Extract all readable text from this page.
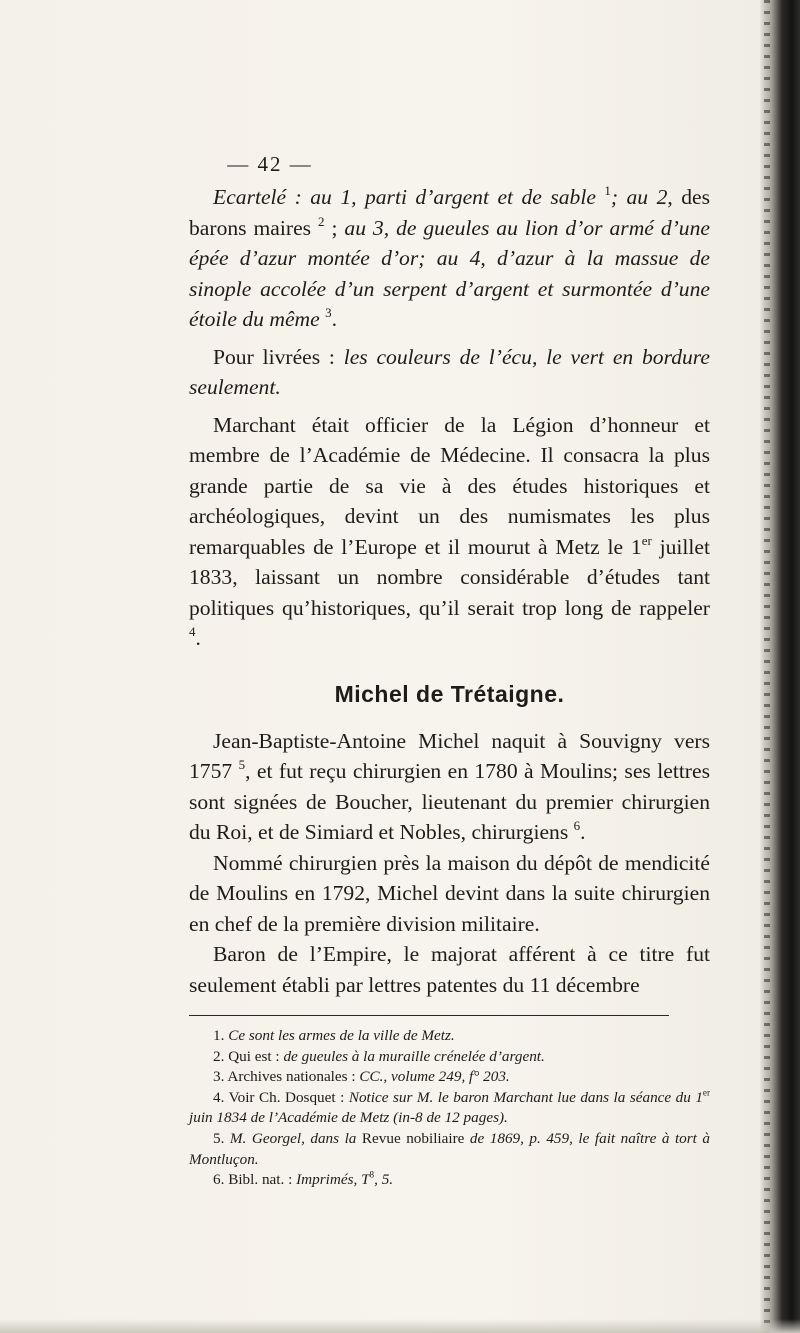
— 42 —

Ecartelé : au 1, parti d’argent et de sable $^1$; au 2, des barons maires $^2$ ; au 3, de gueules au lion d’or armé d’une épée d’azur montée d’or; au 4, d’azur à la massue de sinople accolée d’un serpent d’argent et surmontée d’une étoile du même $^3$.

Pour livrées : les couleurs de l’écu, le vert en bordure seulement.

Marchant était officier de la Légion d’honneur et membre de l’Académie de Médecine. Il consacra la plus grande partie de sa vie à des études historiques et archéologiques, devint un des numismates les plus remarquables de l’Europe et il mourut à Metz le 1er juillet 1833, laissant un nombre considérable d’études tant politiques qu’historiques, qu’il serait trop long de rappeler $^4$.

Michel de Trétaigne.

Jean-Baptiste-Antoine Michel naquit à Souvigny vers 1757 $^5$, et fut reçu chirurgien en 1780 à Moulins; ses lettres sont signées de Boucher, lieutenant du premier chirurgien du Roi, et de Simiard et Nobles, chirurgiens $^6$.

Nommé chirurgien près la maison du dépôt de mendicité de Moulins en 1792, Michel devint dans la suite chirurgien en chef de la première division militaire.

Baron de l’Empire, le majorat afférent à ce titre fut seulement établi par lettres patentes du 11 décembre

1. Ce sont les armes de la ville de Metz.

2. Qui est : de gueules à la muraille crénelée d’argent.

3. Archives nationales : CC., volume 249, f° 203.

4. Voir Ch. Dosquet : Notice sur M. le baron Marchant lue dans la séance du 1er juin 1834 de l’Académie de Metz (in-8 de 12 pages).

5. M. Georgel, dans la Revue nobiliaire de 1869, p. 459, le fait naître à tort à Montluçon.

6. Bibl. nat. : Imprimés, $T^8$, 5.
